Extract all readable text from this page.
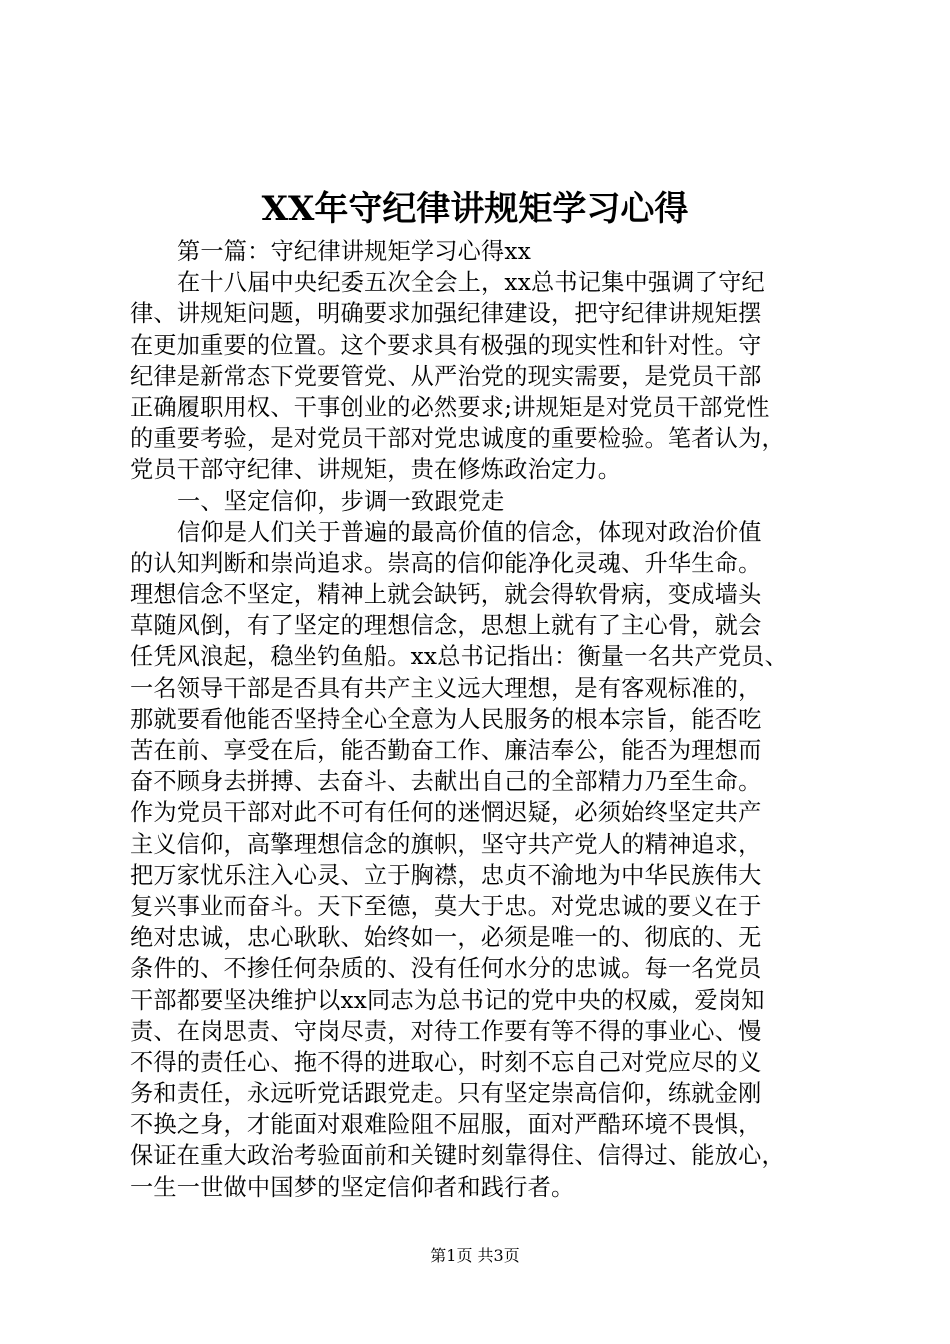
XX年守纪律讲规矩学习心得
第一篇：守纪律讲规矩学习心得xx
在十八届中央纪委五次全会上，xx总书记集中强调了守纪
律、讲规矩问题，明确要求加强纪律建设，把守纪律讲规矩摆
在更加重要的位置。这个要求具有极强的现实性和针对性。守
纪律是新常态下党要管党、从严治党的现实需要，是党员干部
正确履职用权、干事创业的必然要求;讲规矩是对党员干部党性
的重要考验，是对党员干部对党忠诚度的重要检验。笔者认为，
党员干部守纪律、讲规矩，贵在修炼政治定力。
一、坚定信仰，步调一致跟党走
信仰是人们关于普遍的最高价值的信念，体现对政治价值
的认知判断和崇尚追求。崇高的信仰能净化灵魂、升华生命。
理想信念不坚定，精神上就会缺钙，就会得软骨病，变成墙头
草随风倒，有了坚定的理想信念，思想上就有了主心骨，就会
任凭风浪起，稳坐钓鱼船。xx总书记指出：衡量一名共产党员、
一名领导干部是否具有共产主义远大理想，是有客观标准的，
那就要看他能否坚持全心全意为人民服务的根本宗旨，能否吃
苦在前、享受在后，能否勤奋工作、廉洁奉公，能否为理想而
奋不顾身去拼搏、去奋斗、去献出自己的全部精力乃至生命。
作为党员干部对此不可有任何的迷惘迟疑，必须始终坚定共产
主义信仰，高擎理想信念的旗帜，坚守共产党人的精神追求，
把万家忧乐注入心灵、立于胸襟，忠贞不渝地为中华民族伟大
复兴事业而奋斗。天下至德，莫大于忠。对党忠诚的要义在于
绝对忠诚，忠心耿耿、始终如一，必须是唯一的、彻底的、无
条件的、不掺任何杂质的、没有任何水分的忠诚。每一名党员
干部都要坚决维护以xx同志为总书记的党中央的权威，爱岗知
责、在岗思责、守岗尽责，对待工作要有等不得的事业心、慢
不得的责任心、拖不得的进取心，时刻不忘自己对党应尽的义
务和责任，永远听党话跟党走。只有坚定崇高信仰，练就金刚
不换之身，才能面对艰难险阻不屈服，面对严酷环境不畏惧，
保证在重大政治考验面前和关键时刻靠得住、信得过、能放心，
一生一世做中国梦的坚定信仰者和践行者。
第1页 共3页
